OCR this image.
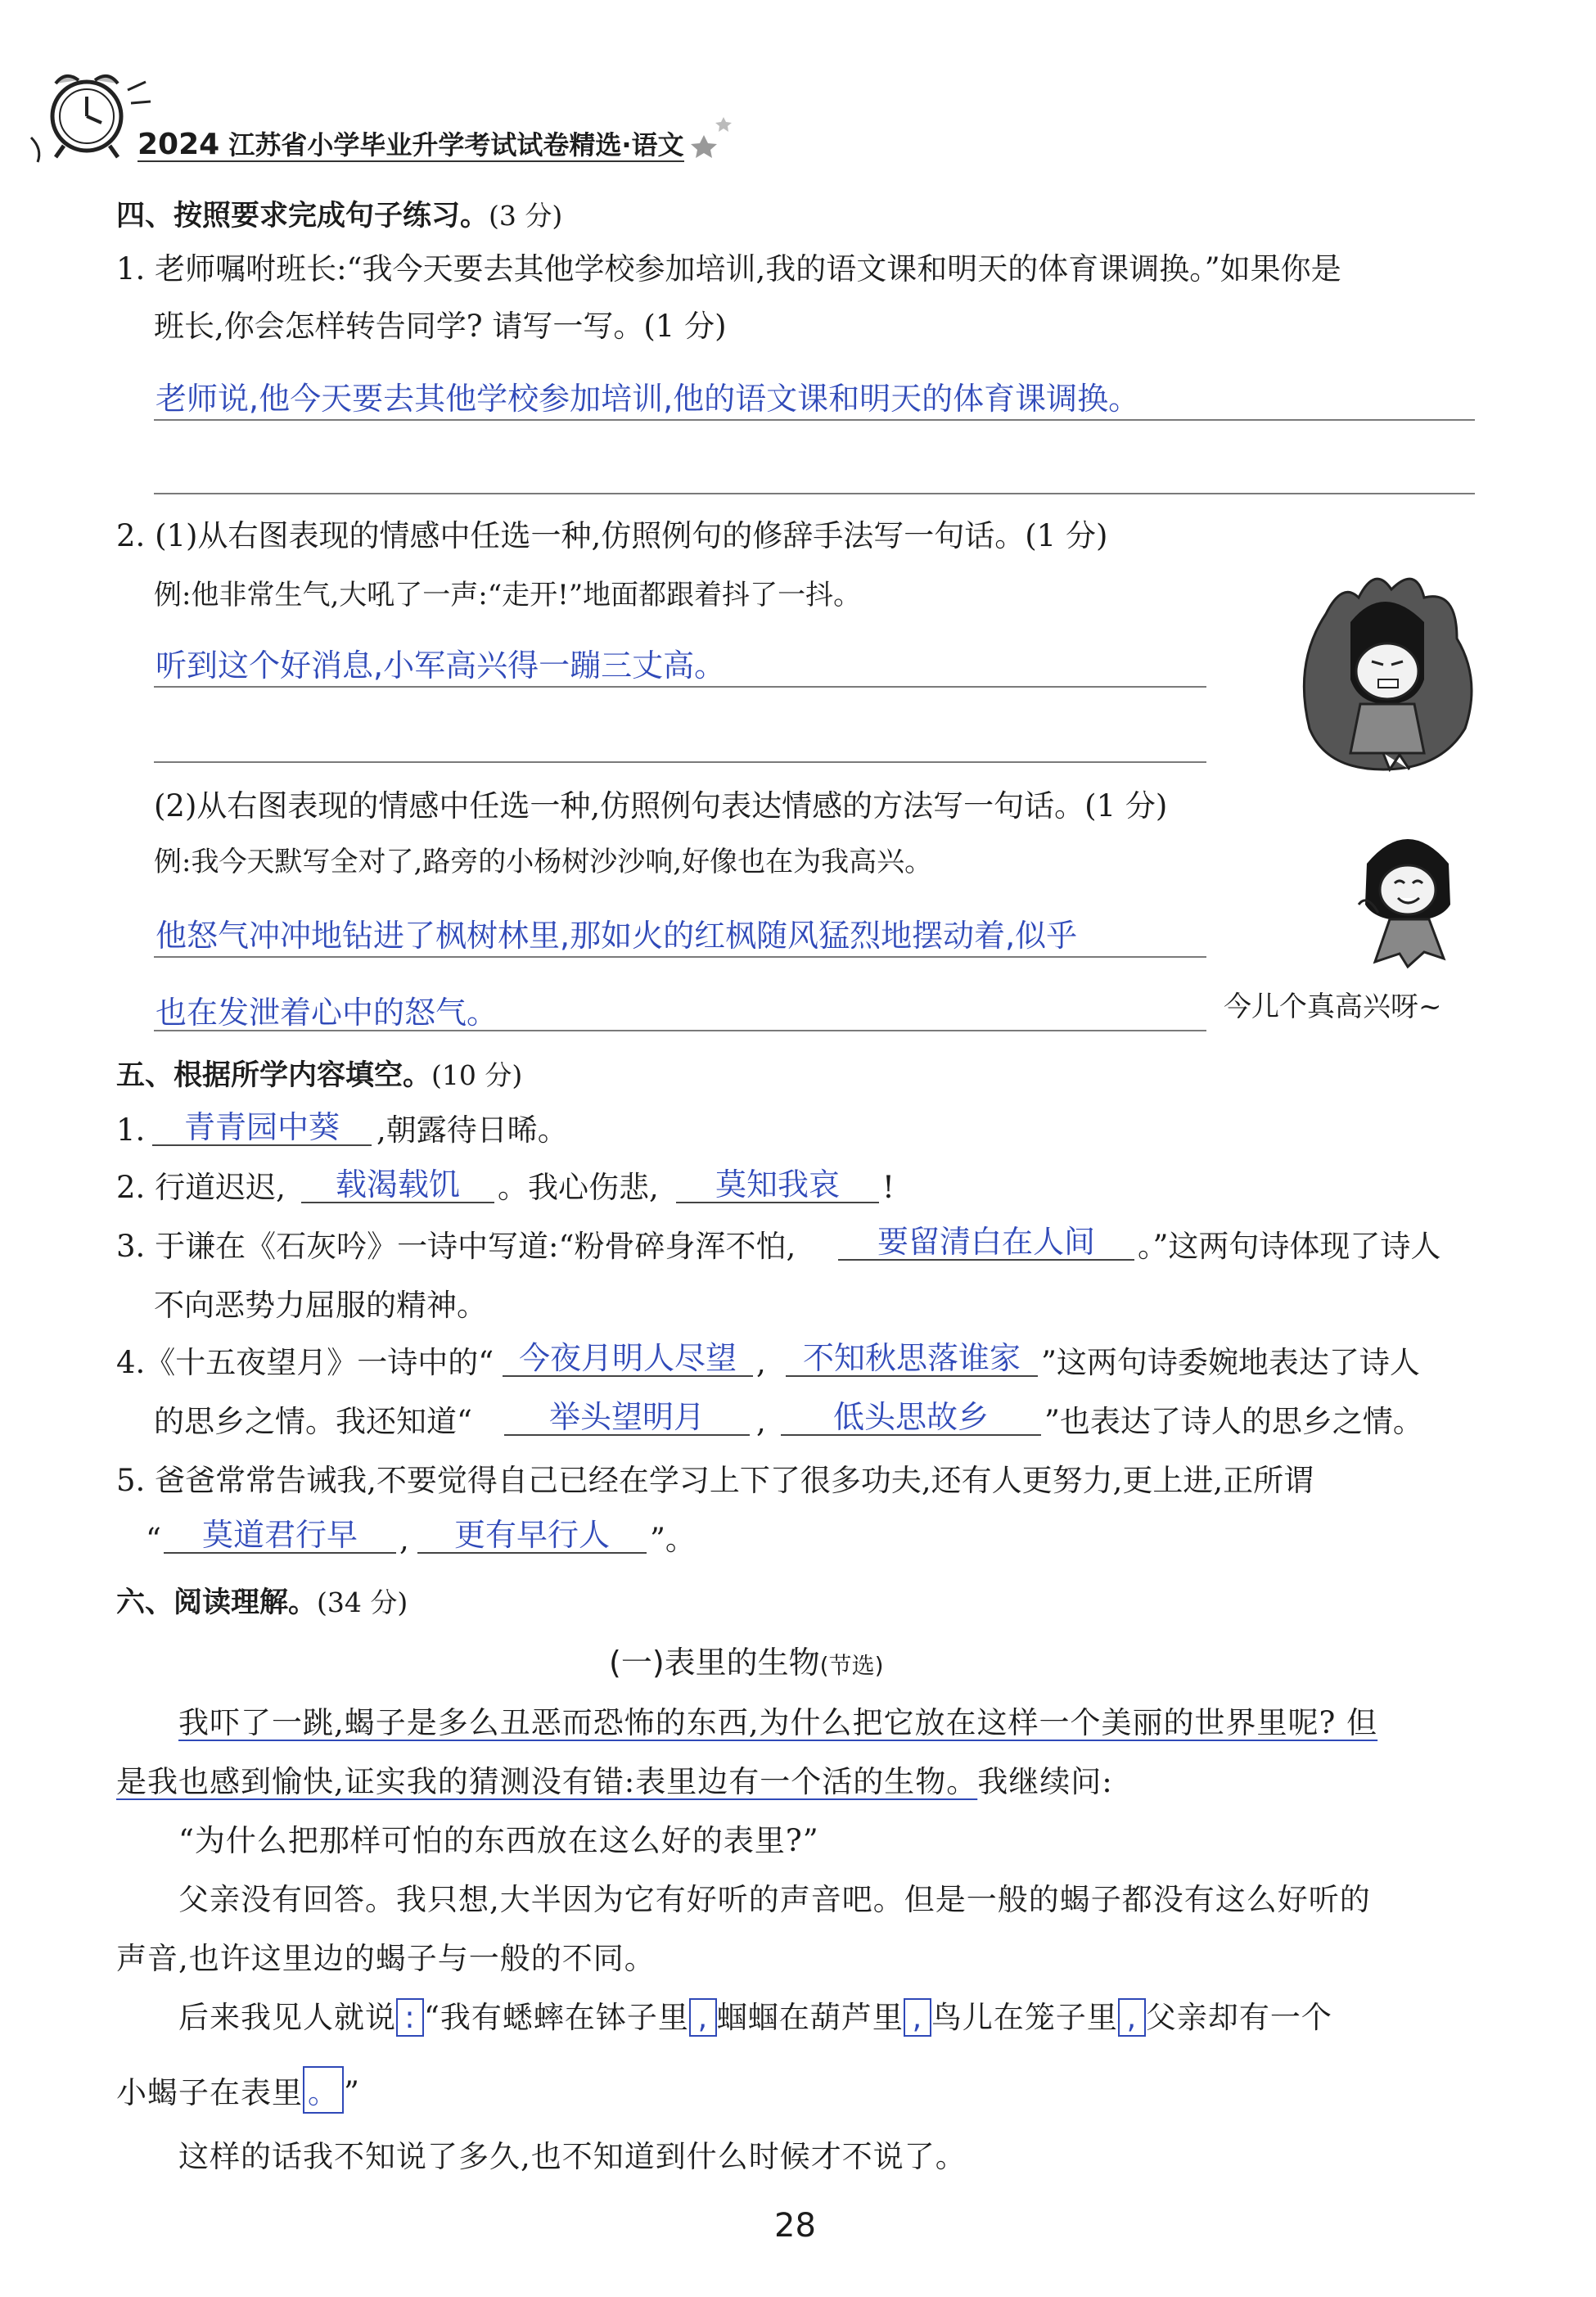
2024 江苏省小学毕业升学考试试卷精选·语文
四、按照要求完成句子练习。(3 分)
1. 老师嘱咐班长:“我今天要去其他学校参加培训,我的语文课和明天的体育课调换。”如果你是
班长,你会怎样转告同学? 请写一写。(1 分)
老师说,他今天要去其他学校参加培训,他的语文课和明天的体育课调换。
2. (1)从右图表现的情感中任选一种,仿照例句的修辞手法写一句话。(1 分)
例:他非常生气,大吼了一声:“走开!”地面都跟着抖了一抖。
听到这个好消息,小军高兴得一蹦三丈高。
(2)从右图表现的情感中任选一种,仿照例句表达情感的方法写一句话。(1 分)
例:我今天默写全对了,路旁的小杨树沙沙响,好像也在为我高兴。
他怒气冲冲地钻进了枫树林里,那如火的红枫随风猛烈地摆动着,似乎
也在发泄着心中的怒气。	今儿个真高兴呀~
五、根据所学内容填空。(10 分)
1.	青青园中葵	,朝露待日晞。
2. 行道迟迟,	载渴载饥	。我心伤悲,	莫知我哀	!
3. 于谦在《石灰吟》一诗中写道:“粉骨碎身浑不怕,	要留清白在人间	。”这两句诗体现了诗人
不向恶势力屈服的精神。
4.《十五夜望月》一诗中的“ 今夜月明人尽望 ,	不知秋思落谁家 ”这两句诗委婉地表达了诗人
的思乡之情。我还知道“	举头望明月	,	低头思故乡	”也表达了诗人的思乡之情。
5. 爸爸常常告诫我,不要觉得自己已经在学习上下了很多功夫,还有人更努力,更上进,正所谓
“	莫道君行早	,	更有早行人	”。
六、阅读理解。(34 分)
(一)表里的生物(节选)
我吓了一跳,蝎子是多么丑恶而恐怖的东西,为什么把它放在这样一个美丽的世界里呢? 但
是我也感到愉快,证实我的猜测没有错:表里边有一个活的生物。我继续问:
“为什么把那样可怕的东西放在这么好的表里?”
父亲没有回答。我只想,大半因为它有好听的声音吧。但是一般的蝎子都没有这么好听的
声音,也许这里边的蝎子与一般的不同。
后来我见人就说 : “我有蟋蟀在钵子里 , 蝈蝈在葫芦里 , 鸟儿在笼子里 , 父亲却有一个
小蝎子在表里 。 ”
这样的话我不知说了多久,也不知道到什么时候才不说了。
28
